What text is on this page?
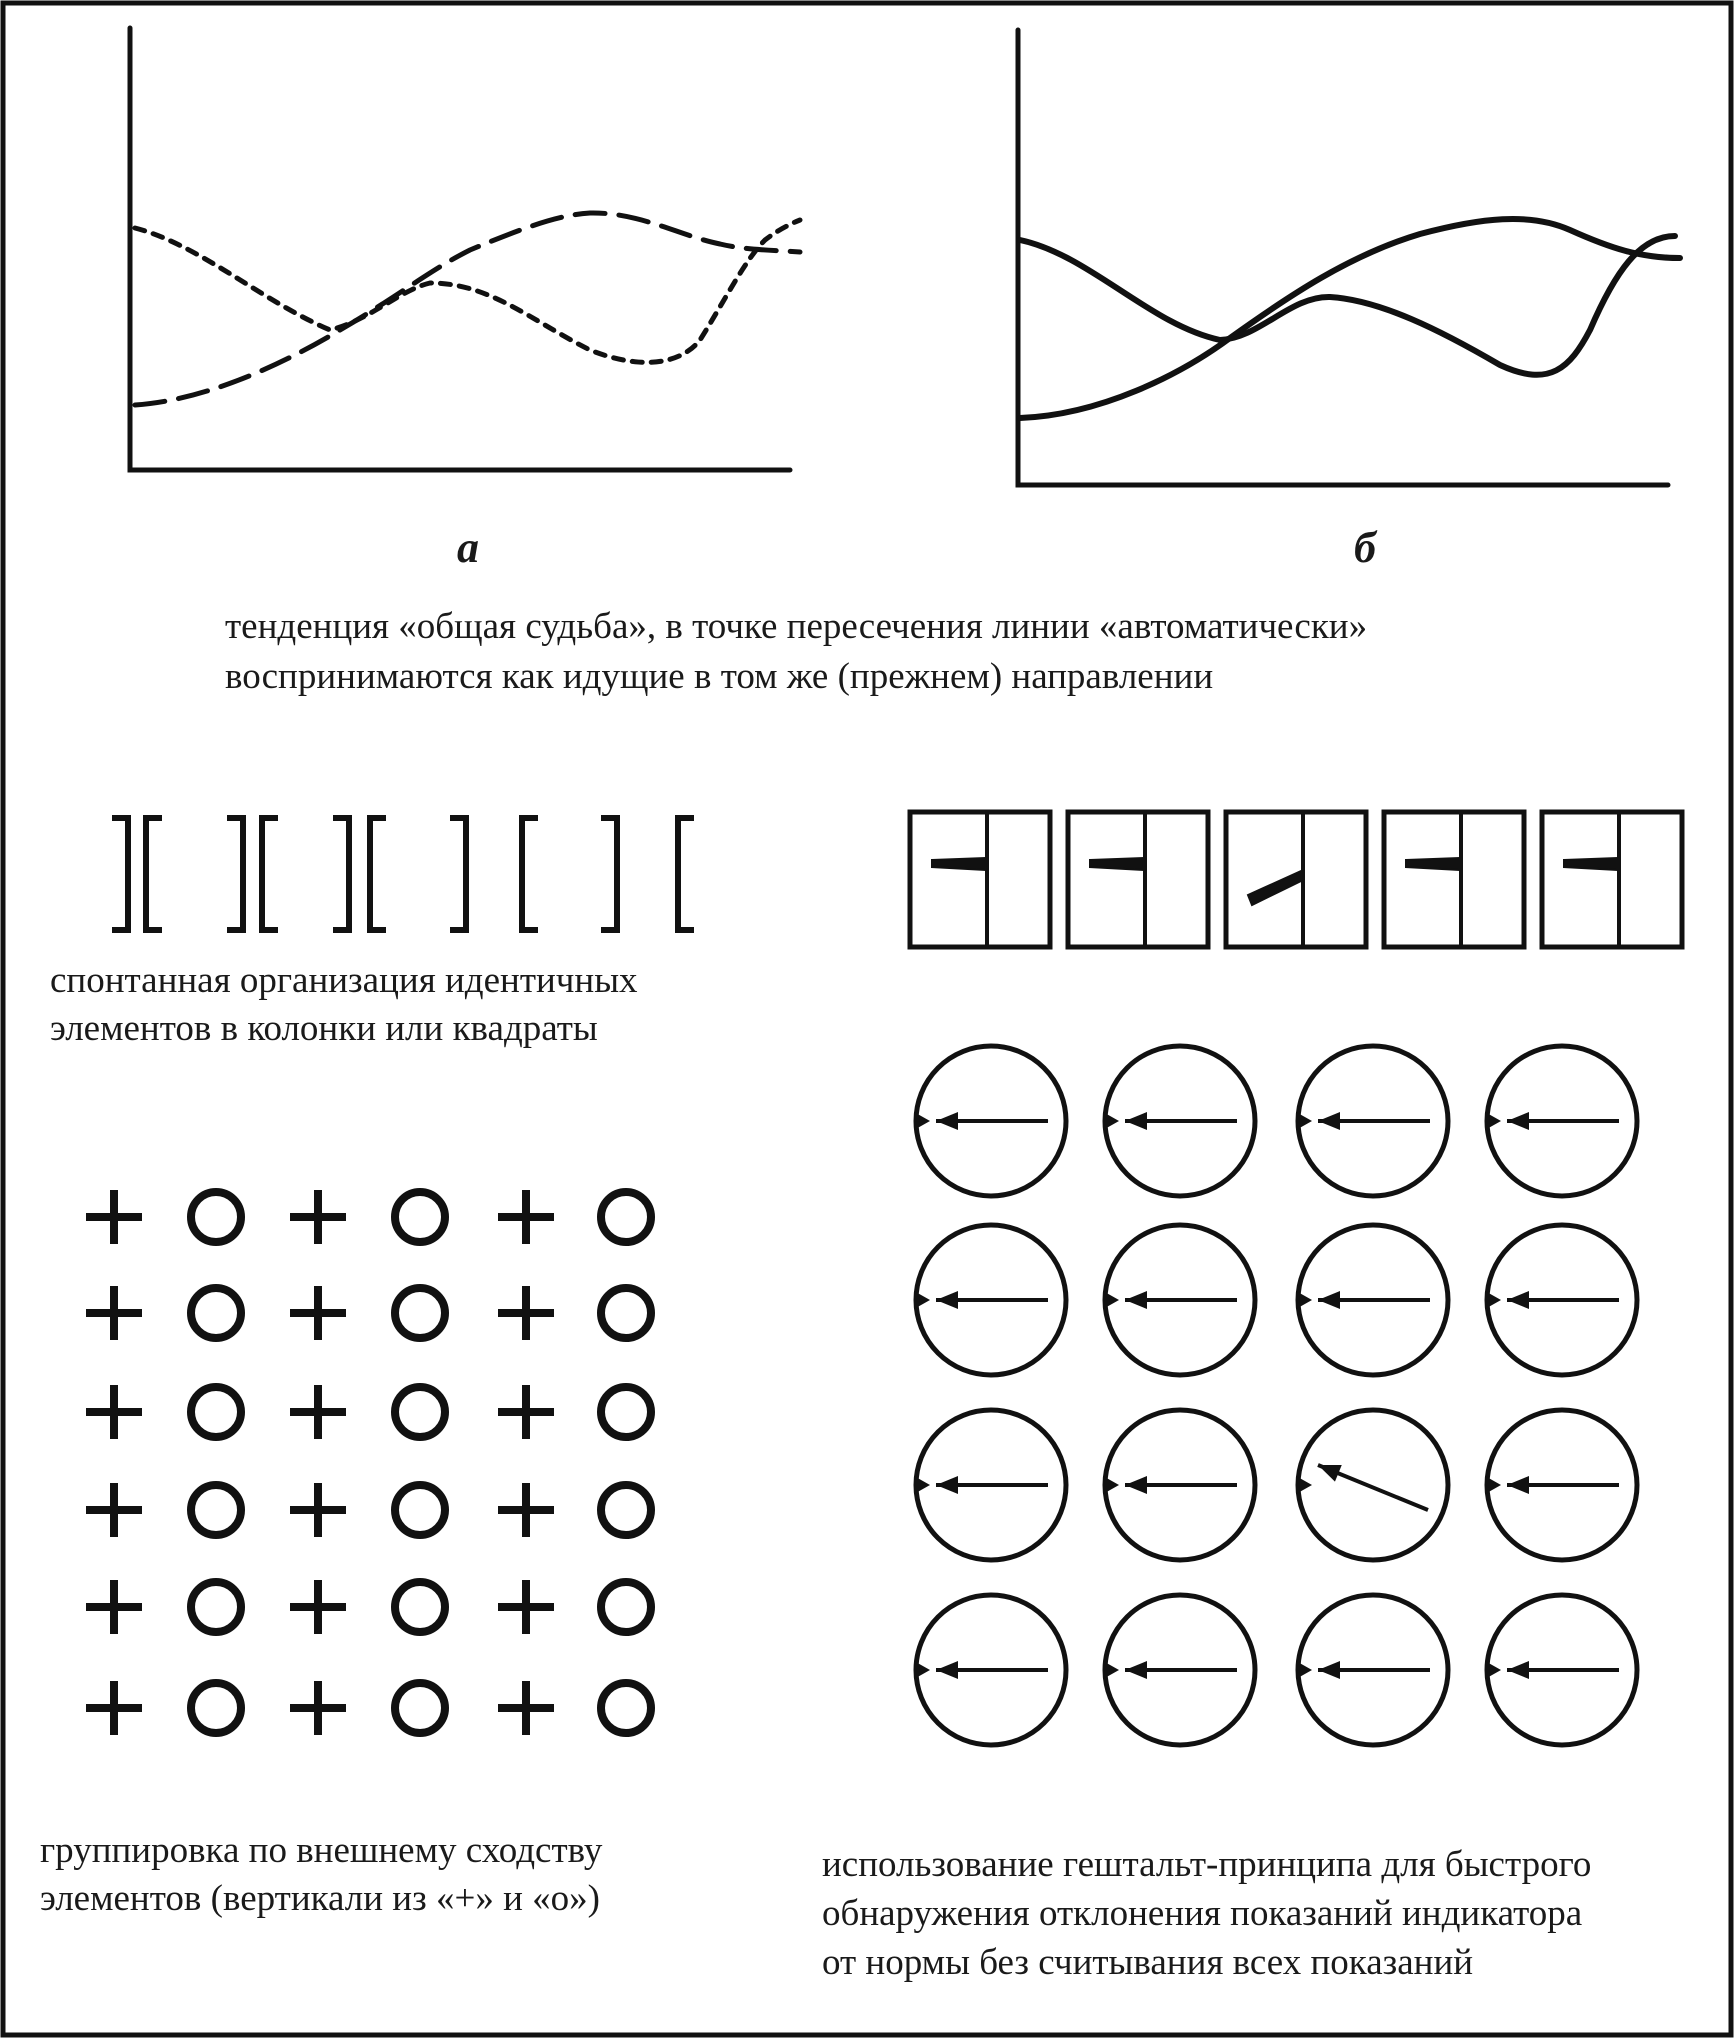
а	б
тенденция «общая судьба», в точке пересечения линии «автоматически»
воспринимаются как идущие в том же (прежнем) направлении
спонтанная организация идентичных
элементов в колонки или квадраты
группировка по внешнему сходству
элементов (вертикали из «+» и «о»)
использование гештальт-принципа для быстрого
обнаружения отклонения показаний индикатора
от нормы без считывания всех показаний
